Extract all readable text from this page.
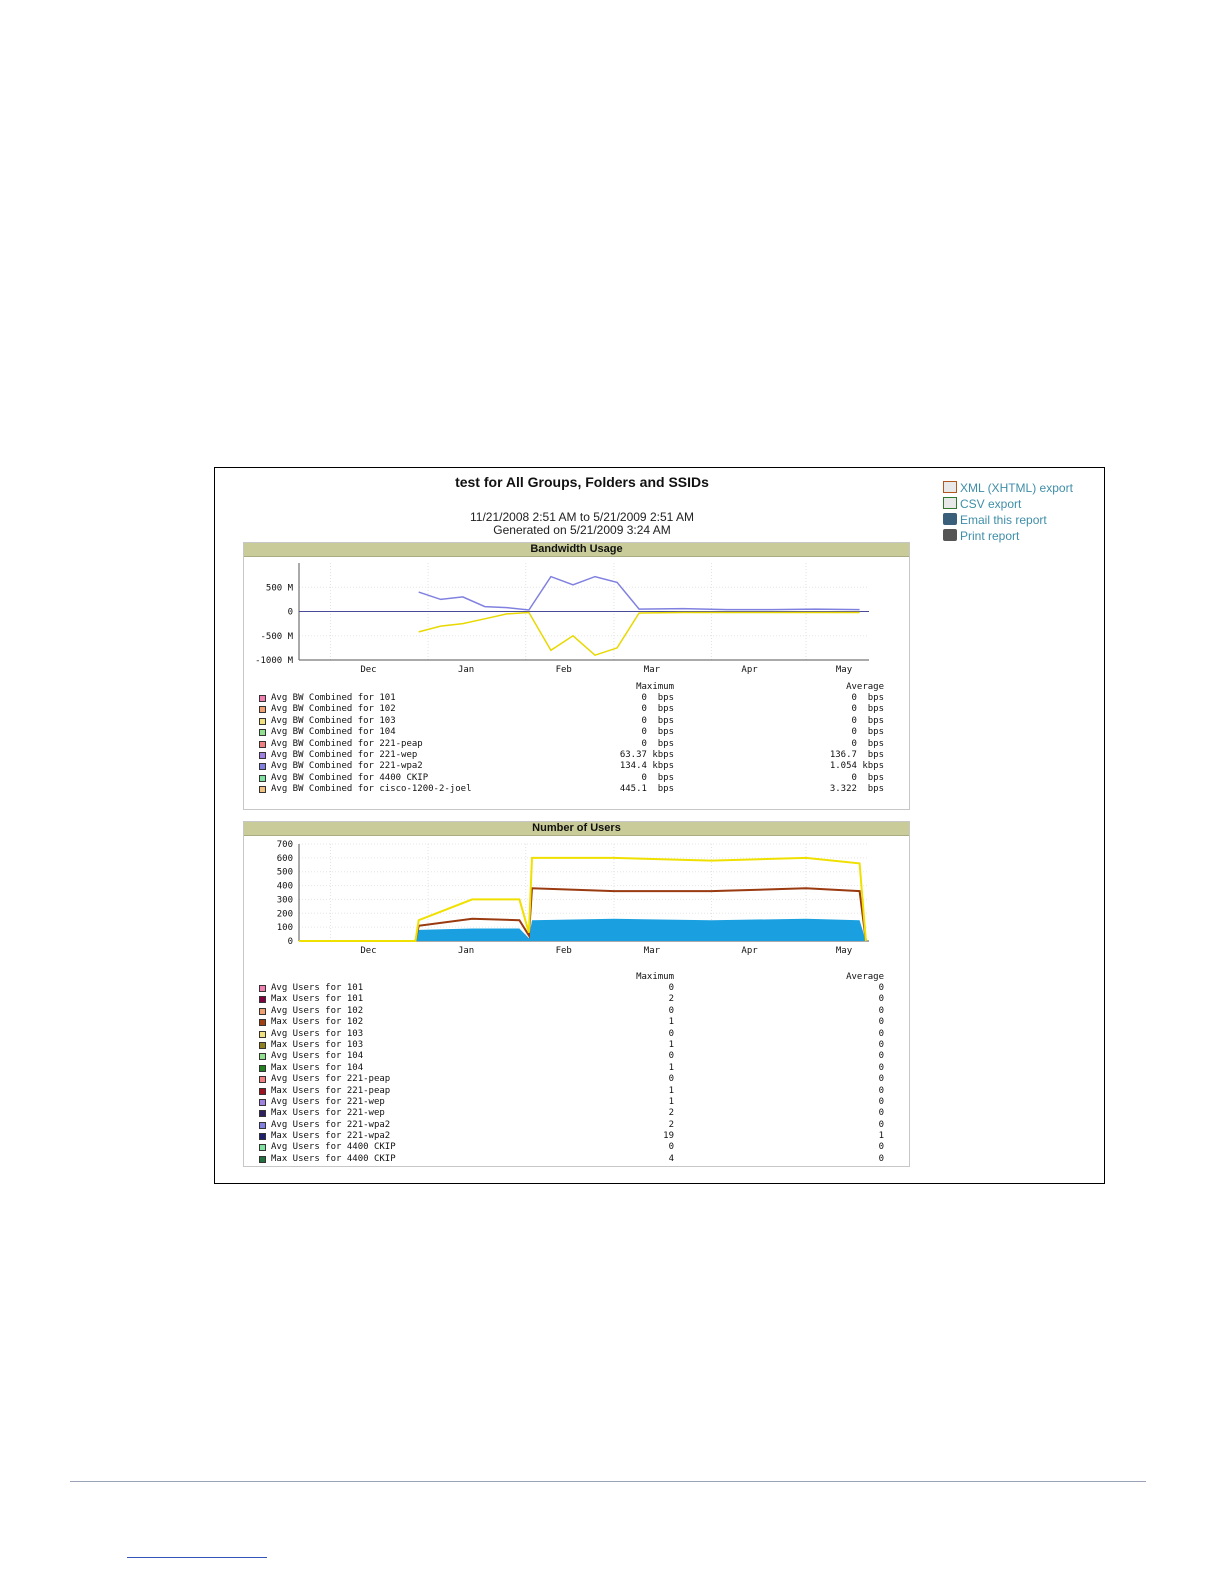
test for All Groups, Folders and SSIDs
11/21/2008 2:51 AM to 5/21/2009 2:51 AM
Generated on 5/21/2009 3:24 AM
XML (XHTML) export
CSV export
Email this report
Print report
Bandwidth Usage
500 M
0
-500 M
-1000 M
Dec	Jan	Feb	Mar	Apr	May
Maximum	Average
Avg BW Combined for 101	0  bps	0  bps
Avg BW Combined for 102	0  bps	0  bps
Avg BW Combined for 103	0  bps	0  bps
Avg BW Combined for 104	0  bps	0  bps
Avg BW Combined for 221-peap	0  bps	0  bps
Avg BW Combined for 221-wep	63.37 kbps	136.7  bps
Avg BW Combined for 221-wpa2	134.4 kbps	1.054 kbps
Avg BW Combined for 4400 CKIP	0  bps	0  bps
Avg BW Combined for cisco-1200-2-joel	445.1  bps	3.322  bps
Number of Users
0
100
200
300
400
500
600
700
Dec	Jan	Feb	Mar	Apr	May
Maximum	Average
Avg Users for 101	0	0
Max Users for 101	2	0
Avg Users for 102	0	0
Max Users for 102	1	0
Avg Users for 103	0	0
Max Users for 103	1	0
Avg Users for 104	0	0
Max Users for 104	1	0
Avg Users for 221-peap	0	0
Max Users for 221-peap	1	0
Avg Users for 221-wep	1	0
Max Users for 221-wep	2	0
Avg Users for 221-wpa2	2	0
Max Users for 221-wpa2	19	1
Avg Users for 4400 CKIP	0	0
Max Users for 4400 CKIP	4	0
